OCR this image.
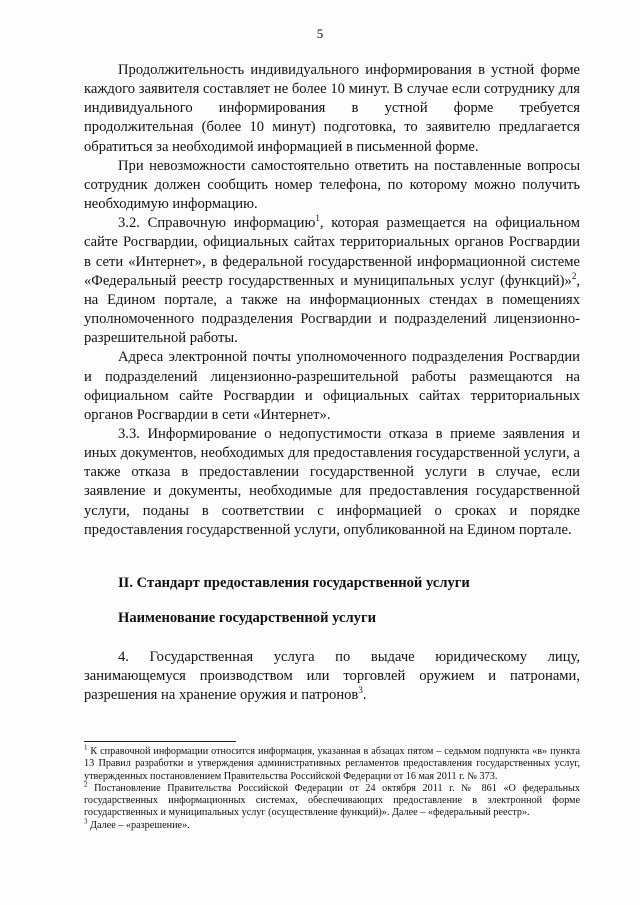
5

Продолжительность индивидуального информирования в устной форме каждого заявителя составляет не более 10 минут. В случае если сотруднику для индивидуального информирования в устной форме требуется продолжительная (более 10 минут) подготовка, то заявителю предлагается обратиться за необходимой информацией в письменной форме.

При невозможности самостоятельно ответить на поставленные вопросы сотрудник должен сообщить номер телефона, по которому можно получить необходимую информацию.

3.2. Справочную информацию$^1$, которая размещается на официальном сайте Росгвардии, официальных сайтах территориальных органов Росгвардии в сети «Интернет», в федеральной государственной информационной системе «Федеральный реестр государственных и муниципальных услуг (функций)»$^2$, на Едином портале, а также на информационных стендах в помещениях уполномоченного подразделения Росгвардии и подразделений лицензионно-разрешительной работы.

Адреса электронной почты уполномоченного подразделения Росгвардии и подразделений лицензионно-разрешительной работы размещаются на официальном сайте Росгвардии и официальных сайтах территориальных органов Росгвардии в сети «Интернет».

3.3. Информирование о недопустимости отказа в приеме заявления и иных документов, необходимых для предоставления государственной услуги, а также отказа в предоставлении государственной услуги в случае, если заявление и документы, необходимые для предоставления государственной услуги, поданы в соответствии с информацией о сроках и порядке предоставления государственной услуги, опубликованной на Едином портале.

II. Стандарт предоставления государственной услуги
Наименование государственной услуги

4. Государственная услуга по выдаче юридическому лицу, занимающемуся производством или торговлей оружием и патронами, разрешения на хранение оружия и патронов$^3$.

$^1$ К справочной информации относится информация, указанная в абзацах пятом – седьмом подпункта «в» пункта 13 Правил разработки и утверждения административных регламентов предоставления государственных услуг, утвержденных постановлением Правительства Российской Федерации от 16 мая 2011 г. № 373.

$^2$ Постановление Правительства Российской Федерации от 24 октября 2011 г. № 861 «О федеральных государственных информационных системах, обеспечивающих предоставление в электронной форме государственных и муниципальных услуг (осуществление функций)». Далее – «федеральный реестр».

$^3$ Далее – «разрешение».
